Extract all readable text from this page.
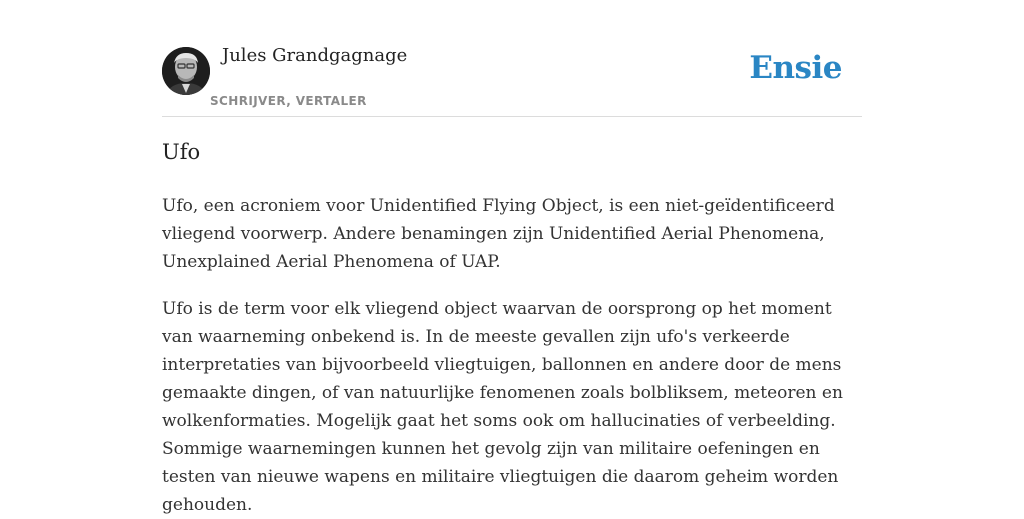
Jules Grandgagnage
SCHRIJVER, VERTALER
Ensie
Ufo

Ufo, een acroniem voor Unidentified Flying Object, is een niet-geïdentificeerd vliegend voorwerp. Andere benamingen zijn Unidentified Aerial Phenomena, Unexplained Aerial Phenomena of UAP.

Ufo is de term voor elk vliegend object waarvan de oorsprong op het moment van waarneming onbekend is. In de meeste gevallen zijn ufo's verkeerde interpretaties van bijvoorbeeld vliegtuigen, ballonnen en andere door de mens gemaakte dingen, of van natuurlijke fenomenen zoals bolbliksem, meteoren en wolkenformaties. Mogelijk gaat het soms ook om hallucinaties of verbeelding. Sommige waarnemingen kunnen het gevolg zijn van militaire oefeningen en testen van nieuwe wapens en militaire vliegtuigen die daarom geheim worden gehouden.
